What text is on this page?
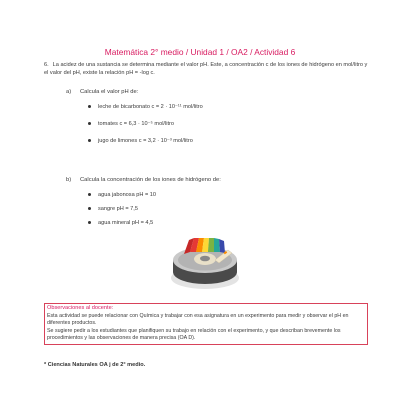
Matemática 2° medio / Unidad 1 / OA2 / Actividad 6
6. La acidez de una sustancia se determina mediante el valor pH. Este, a concentración c de los iones de hidrógeno en mol/litro y el valor del pH, existe la relación pH = -log c.
a) Calcula el valor pH de:
leche de bicarbonato c = 2 · 10⁻¹¹ mol/litro
tomates c = 6,3 · 10⁻⁵ mol/litro
jugo de limones c = 3,2 · 10⁻³ mol/litro
b) Calcula la concentración de los iones de hidrógeno de:
agua jabonosa pH = 10
sangre pH = 7,5
agua mineral pH = 4,5
Observaciones al docente:

Esta actividad se puede relacionar con Química y trabajar con esa asignatura en un experimento para medir y observar el pH en diferentes productos.

Se sugiere pedir a los estudiantes que planifiquen su trabajo en relación con el experimento, y que describan brevemente los procedimientos y las observaciones de manera precisa (OA D).

* Ciencias Naturales OA j de 2° medio.
